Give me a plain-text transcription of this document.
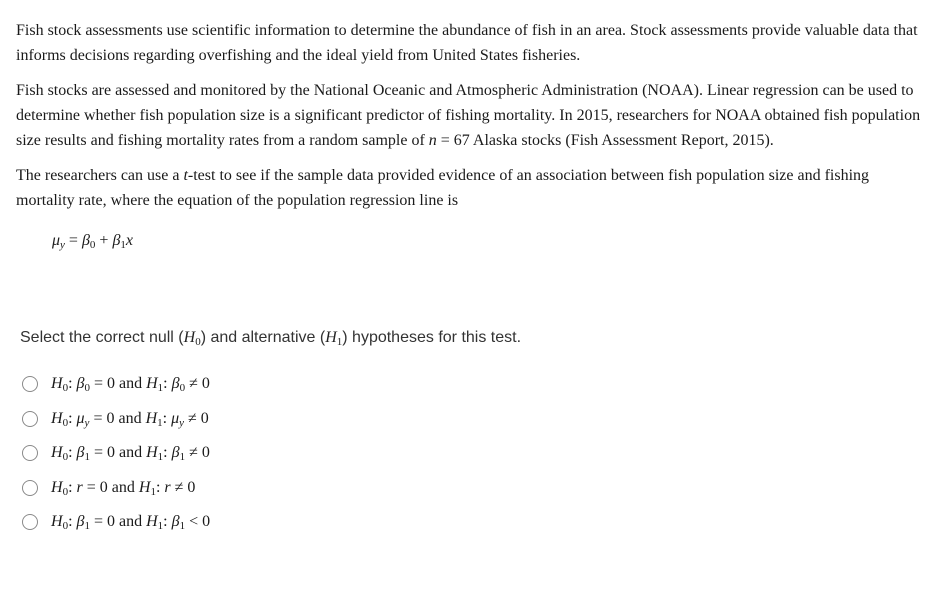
Fish stock assessments use scientific information to determine the abundance of fish in an area. Stock assessments provide valuable data that informs decisions regarding overfishing and the ideal yield from United States fisheries.

Fish stocks are assessed and monitored by the National Oceanic and Atmospheric Administration (NOAA). Linear regression can be used to determine whether fish population size is a significant predictor of fishing mortality. In 2015, researchers for NOAA obtained fish population size results and fishing mortality rates from a random sample of n = 67 Alaska stocks (Fish Assessment Report, 2015).

The researchers can use a t-test to see if the sample data provided evidence of an association between fish population size and fishing mortality rate, where the equation of the population regression line is

$\mu_y = \beta_0 + \beta_1x$
Select the correct null $(H_0)$ and alternative $(H_1)$ hypotheses for this test.
$H_0$: $\beta_0 = 0$ and $H_1$: $\beta_0 \ne 0$
$H_0$: $\mu_y = 0$ and $H_1$: $\mu_y \ne 0$
$H_0$: $\beta_1 = 0$ and $H_1$: $\beta_1 \ne 0$
$H_0$: r = 0 and $H_1$: r ≠ 0
$H_0$: $\beta_1 = 0$ and $H_1$: $\beta_1 < 0$
